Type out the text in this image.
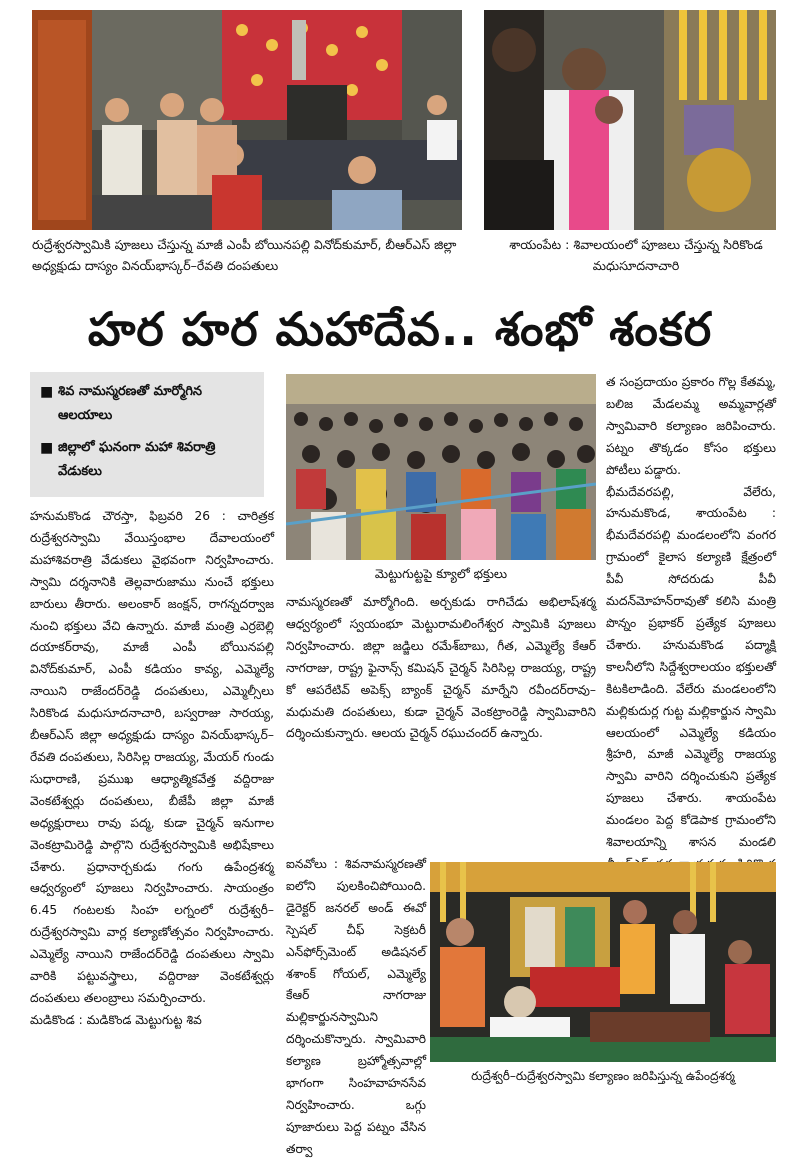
రుద్రేశ్వరస్వామికి పూజలు చేస్తున్న మాజీ ఎంపీ బోయినపల్లి వినోద్‌కుమార్, బీఆర్ఎస్ జిల్లా అధ్యక్షుడు దాస్యం వినయ్‌భాస్కర్–రేవతి దంపతులు
శాయంపేట : శివాలయంలో పూజలు చేస్తున్న సిరికొండ మధుసూదనాచారి
హర హర మహాదేవ.. శంభో శంకర
■ శివ నామస్మరణతో మార్మోగిన ఆలయాలు
■ జిల్లాలో ఘనంగా మహా శివరాత్రి వేడుకలు
మెట్టుగుట్టపై క్యూలో భక్తులు

హనుమకొండ చౌరస్తా, ఫిబ్రవరి 26 : చారిత్రక రుద్రేశ్వరస్వామి వేయిస్తంభాల దేవాలయంలో మహాశివరాత్రి వేడుకలు వైభవంగా నిర్వహించారు. స్వామి దర్శనానికి తెల్లవారుజాము నుంచే భక్తులు బారులు తీరారు. అలంకార్ జంక్షన్, రాగన్నదర్వాజ నుంచి భక్తులు వేచి ఉన్నారు. మాజీ మంత్రి ఎర్రబెల్లి దయాకర్‌రావు, మాజీ ఎంపీ బోయినపల్లి వినోద్‌కుమార్, ఎంపీ కడియం కావ్య, ఎమ్మెల్యే నాయిని రాజేందర్‌రెడ్డి దంపతులు, ఎమ్మెల్సీలు సిరికొండ మధుసూదనాచారి, బస్వరాజు సారయ్య, బీఆర్ఎస్ జిల్లా అధ్యక్షుడు దాస్యం వినయ్‌భాస్కర్–రేవతి దంపతులు, సిరిసిల్ల రాజయ్య, మేయర్ గుండు సుధారాణి, ప్రముఖ ఆధ్యాత్మికవేత్త వద్దిరాజు వెంకటేశ్వర్లు దంపతులు, బీజేపీ జిల్లా మాజీ అధ్యక్షురాలు రావు పద్మ, కుడా చైర్మన్ ఇనుగాల వెంకట్రామిరెడ్డి పాల్గొని రుద్రేశ్వరస్వామికి అభిషేకాలు చేశారు. ప్రధానార్చకుడు గంగు ఉపేంద్రశర్మ ఆధ్వర్యంలో పూజలు నిర్వహించారు. సాయంత్రం 6.45 గంటలకు సింహ లగ్నంలో రుద్రేశ్వరీ–రుద్రేశ్వరస్వామి వార్ల కల్యాణోత్సవం నిర్వహించారు. ఎమ్మెల్యే నాయిని రాజేందర్‌రెడ్డి దంపతులు స్వామి వారికి పట్టువస్త్రాలు, వద్దిరాజు వెంకటేశ్వర్లు దంపతులు తలంబ్రాలు సమర్పించారు.

మడికొండ : మడికొండ మెట్టుగుట్ట శివ

నామస్మరణతో మార్మోగింది. అర్చకుడు రాగిచేడు అభిలాష్‌శర్మ ఆధ్వర్యంలో స్వయంభూ మెట్టురామలింగేశ్వర స్వామికి పూజలు నిర్వహించారు. జిల్లా జడ్జిలు రమేశ్‌బాబు, గీత, ఎమ్మెల్యే కేఆర్ నాగరాజు, రాష్ట్ర ఫైనాన్స్ కమిషన్ చైర్మన్ సిరిసిల్ల రాజయ్య, రాష్ట్ర కో ఆపరేటివ్ అపెక్స్ బ్యాంక్ చైర్మన్ మార్నేని రవీందర్‌రావు–మధుమతి దంపతులు, కుడా చైర్మన్ వెంకట్రాంరెడ్డి స్వామివారిని దర్శించుకున్నారు. ఆలయ చైర్మన్ రఘుచందర్ ఉన్నారు.

ఐనవోలు : శివనామస్మరణతో ఐలోని పులకించిపోయింది. డైరెక్టర్ జనరల్ అండ్ ఈవో స్పెషల్ చీఫ్ సెక్రటరీ ఎన్‌ఫోర్స్‌మెంట్ అడిషనల్ శశాంక్ గోయల్, ఎమ్మెల్యే కేఆర్ నాగరాజు మల్లికార్జునస్వామిని దర్శించుకొన్నారు. స్వామివారి కల్యాణ బ్రహ్మోత్సవాల్లో భాగంగా సింహవాహనసేవ నిర్వహించారు. ఒగ్గు పూజారులు పెద్ద పట్నం వేసిన తర్వా

త సంప్రదాయం ప్రకారం గొల్ల కేతమ్మ, బలిజ మేడలమ్మ అమ్మవార్లతో స్వామివారి కల్యాణం జరిపించారు. పట్నం తొక్కడం కోసం భక్తులు పోటీలు పడ్డారు.

భీమదేవరపల్లి, వేలేరు, హనుమకొండ, శాయంపేట : భీమదేవరపల్లి మండలంలోని వంగర గ్రామంలో కైలాస కల్యాణి క్షేత్రంలో పీవీ సోదరుడు పీవీ మదన్‌మోహన్‌రావుతో కలిసి మంత్రి పొన్నం ప్రభాకర్ ప్రత్యేక పూజలు చేశారు. హనుమకొండ పద్మాక్షి కాలనీలోని సిద్దేశ్వరాలయం భక్తులతో కిటకిలాడింది. వేలేరు మండలంలోని మల్లికుదుర్ల గుట్ట మల్లికార్జున స్వామి ఆలయంలో ఎమ్మెల్యే కడియం శ్రీహరి, మాజీ ఎమ్మెల్యే రాజయ్య స్వామి వారిని దర్శించుకుని ప్రత్యేక పూజలు చేశారు. శాయంపేట మండలం పెద్ద కోడెపాక గ్రామంలోని శివాలయాన్ని శాసన మండలి

రుద్రేశ్వరీ–రుద్రేశ్వరస్వామి కల్యాణం జరిపిస్తున్న ఉపేంద్రశర్మ
